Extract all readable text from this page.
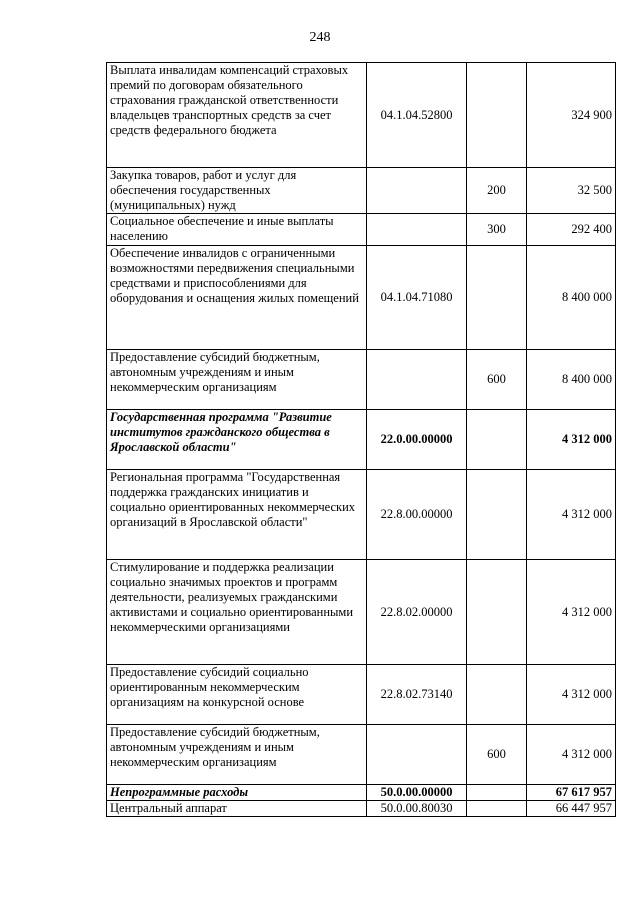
248
Выплата инвалидам компенсаций страховых премий по договорам обязательного страхования гражданской ответственности владельцев транспортных средств за счет средств федерального бюджета	04.1.04.52800		324 900
Закупка товаров, работ и услуг для обеспечения государственных (муниципальных) нужд		200	32 500
Социальное обеспечение и иные выплаты населению		300	292 400
Обеспечение инвалидов с ограниченными возможностями передвижения специальными средствами и приспособлениями для оборудования и оснащения жилых помещений	04.1.04.71080		8 400 000
Предоставление субсидий бюджетным, автономным учреждениям и иным некоммерческим организациям		600	8 400 000
Государственная программа "Развитие институтов гражданского общества в Ярославской области"	22.0.00.00000		4 312 000
Региональная программа "Государственная поддержка гражданских инициатив и социально ориентированных некоммерческих организаций в Ярославской области"	22.8.00.00000		4 312 000
Стимулирование и поддержка реализации социально значимых проектов и программ деятельности, реализуемых гражданскими активистами и социально ориентированными некоммерческими организациями	22.8.02.00000		4 312 000
Предоставление субсидий социально ориентированным некоммерческим организациям на конкурсной основе	22.8.02.73140		4 312 000
Предоставление субсидий бюджетным, автономным учреждениям и иным некоммерческим организациям		600	4 312 000
Непрограммные расходы	50.0.00.00000		67 617 957
Центральный аппарат	50.0.00.80030		66 447 957
